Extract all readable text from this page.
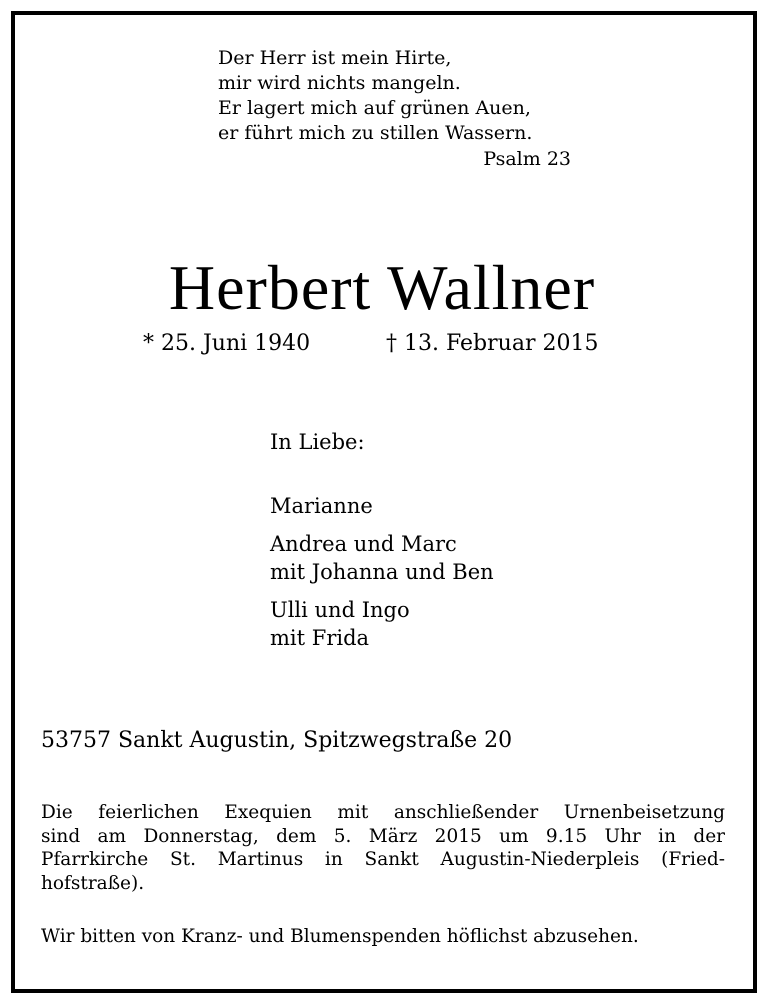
Der Herr ist mein Hirte,
mir wird nichts mangeln.
Er lagert mich auf grünen Auen,
er führt mich zu stillen Wassern.
Psalm 23
Herbert Wallner
* 25. Juni 1940	† 13. Februar 2015
In Liebe:
Marianne
Andrea und Marc
mit Johanna und Ben
Ulli und Ingo
mit Frida
53757 Sankt Augustin, Spitzwegstraße 20
Die feierlichen Exequien mit anschließender Urnenbeisetzung
sind am Donnerstag, dem 5. März 2015 um 9.15 Uhr in der
Pfarrkirche St. Martinus in Sankt Augustin-Niederpleis (Fried-
hofstraße).
Wir bitten von Kranz- und Blumenspenden höflichst abzusehen.
